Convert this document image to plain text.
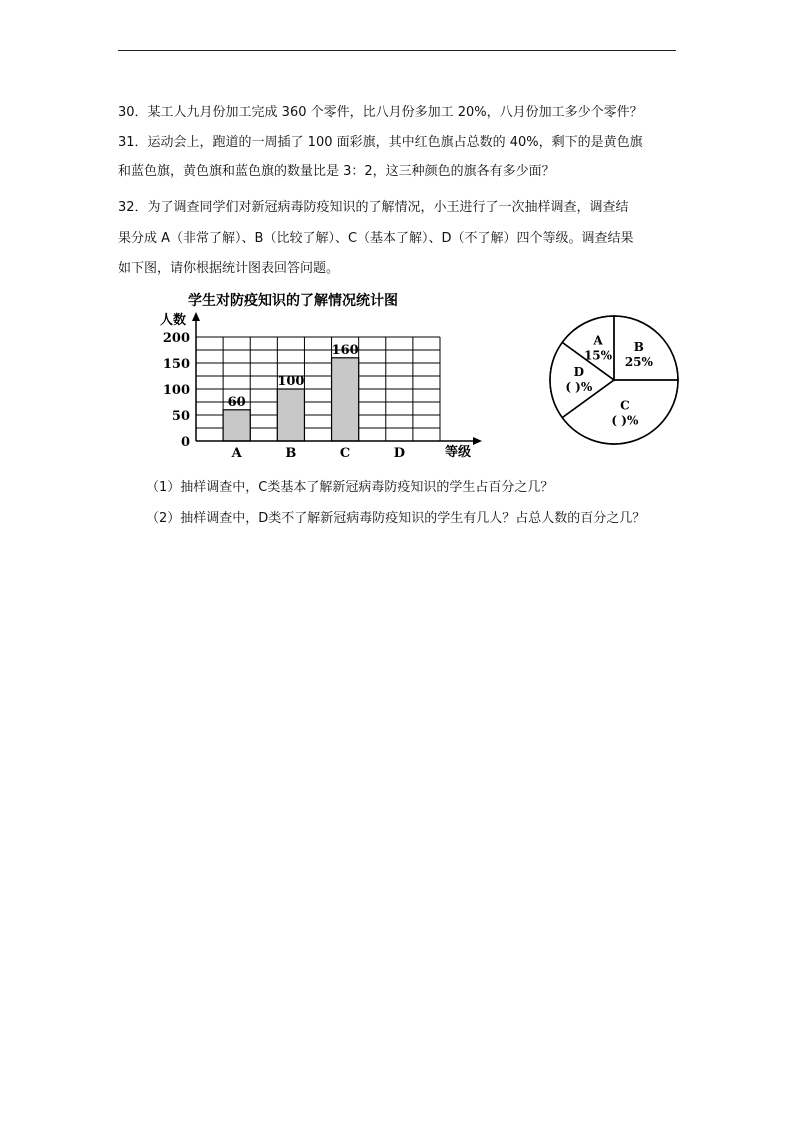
30．某工人九月份加工完成 360 个零件，比八月份多加工 20%，八月份加工多少个零件？
31．运动会上，跑道的一周插了 100 面彩旗，其中红色旗占总数的 40%，剩下的是黄色旗
和蓝色旗，黄色旗和蓝色旗的数量比是 3：2，这三种颜色的旗各有多少面？
32．为了调查同学们对新冠病毒防疫知识的了解情况，小王进行了一次抽样调查，调查结
果分成 A（非常了解）、B（比较了解）、C（基本了解）、D（不了解）四个等级。调查结果
如下图，请你根据统计图表回答问题。
学生对防疫知识的了解情况统计图
人数
等级
60
100
160
0
50
100
150
200
A	B	C	D
A
15%
B
25%
C
( )%
D
( )%
（1）抽样调查中，C类基本了解新冠病毒防疫知识的学生占百分之几？
（2）抽样调查中，D类不了解新冠病毒防疫知识的学生有几人？占总人数的百分之几？
